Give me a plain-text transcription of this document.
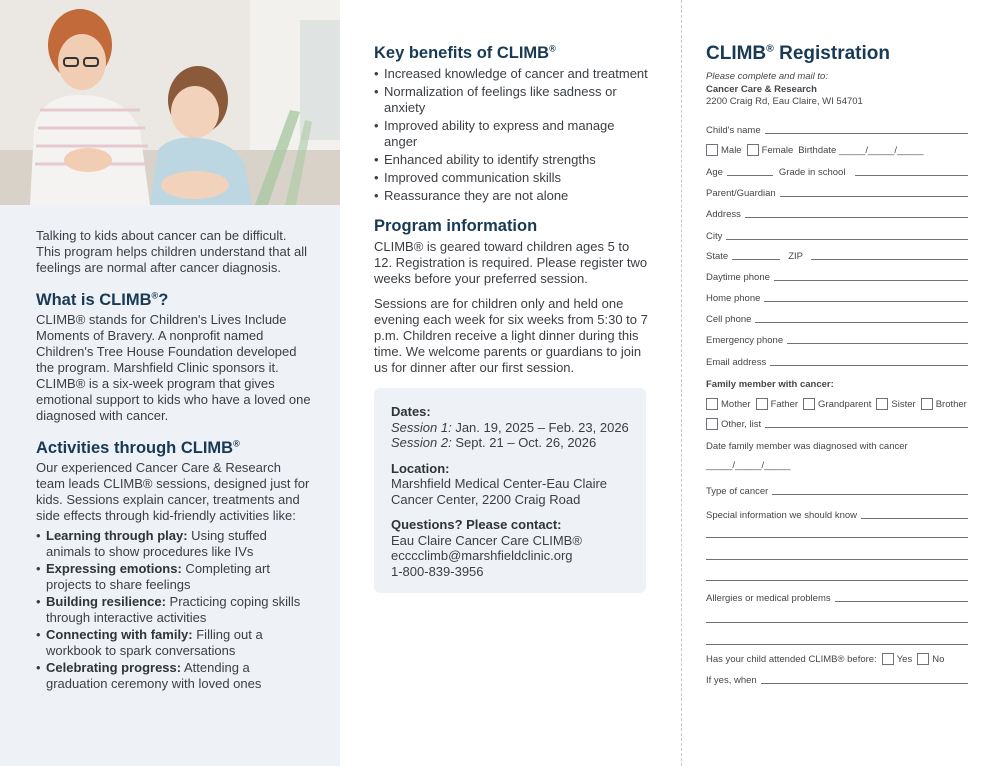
Talking to kids about cancer can be difficult. This program helps children understand that all feelings are normal after cancer diagnosis.

What is CLIMB®?

CLIMB® stands for Children's Lives Include Moments of Bravery. A nonprofit named Children's Tree House Foundation developed the program. Marshfield Clinic sponsors it. CLIMB® is a six-week program that gives emotional support to kids who have a loved one diagnosed with cancer.

Activities through CLIMB®

Our experienced Cancer Care & Research team leads CLIMB® sessions, designed just for kids. Sessions explain cancer, treatments and side effects through kid-friendly activities like:

• Learning through play: Using stuffed animals to show procedures like IVs
• Expressing emotions: Completing art projects to share feelings
• Building resilience: Practicing coping skills through interactive activities
• Connecting with family: Filling out a workbook to spark conversations
• Celebrating progress: Attending a graduation ceremony with loved ones
Key benefits of CLIMB®
• Increased knowledge of cancer and treatment
• Normalization of feelings like sadness or anxiety
• Improved ability to express and manage anger
• Enhanced ability to identify strengths
• Improved communication skills
• Reassurance they are not alone
Program information

CLIMB® is geared toward children ages 5 to 12. Registration is required. Please register two weeks before your preferred session.

Sessions are for children only and held one evening each week for six weeks from 5:30 to 7 p.m. Children receive a light dinner during this time. We welcome parents or guardians to join us for dinner after our first session.

Dates:
Session 1: Jan. 19, 2025 – Feb. 23, 2026
Session 2: Sept. 21 – Oct. 26, 2026
Location:
Marshfield Medical Center-Eau Claire
Cancer Center, 2200 Craig Road
Questions? Please contact:
Eau Claire Cancer Care CLIMB®
ecccclimb@marshfieldclinic.org
1-800-839-3956
CLIMB® Registration
Please complete and mail to:
Cancer Care & Research
2200 Craig Rd, Eau Claire, WI 54701
Child's name
Male Female Birthdate
_____/_____/_____
Age	Grade in school
Parent/Guardian
Address
City
State	ZIP
Daytime phone
Home phone
Cell phone
Emergency phone
Email address
Family member with cancer:
Mother Father Grandparent Sister Brother
Other, list
Date family member was diagnosed with cancer
_____/_____/_____
Type of cancer
Special information we should know
Allergies or medical problems
Has your child attended CLIMB® before: Yes No
If yes, when
